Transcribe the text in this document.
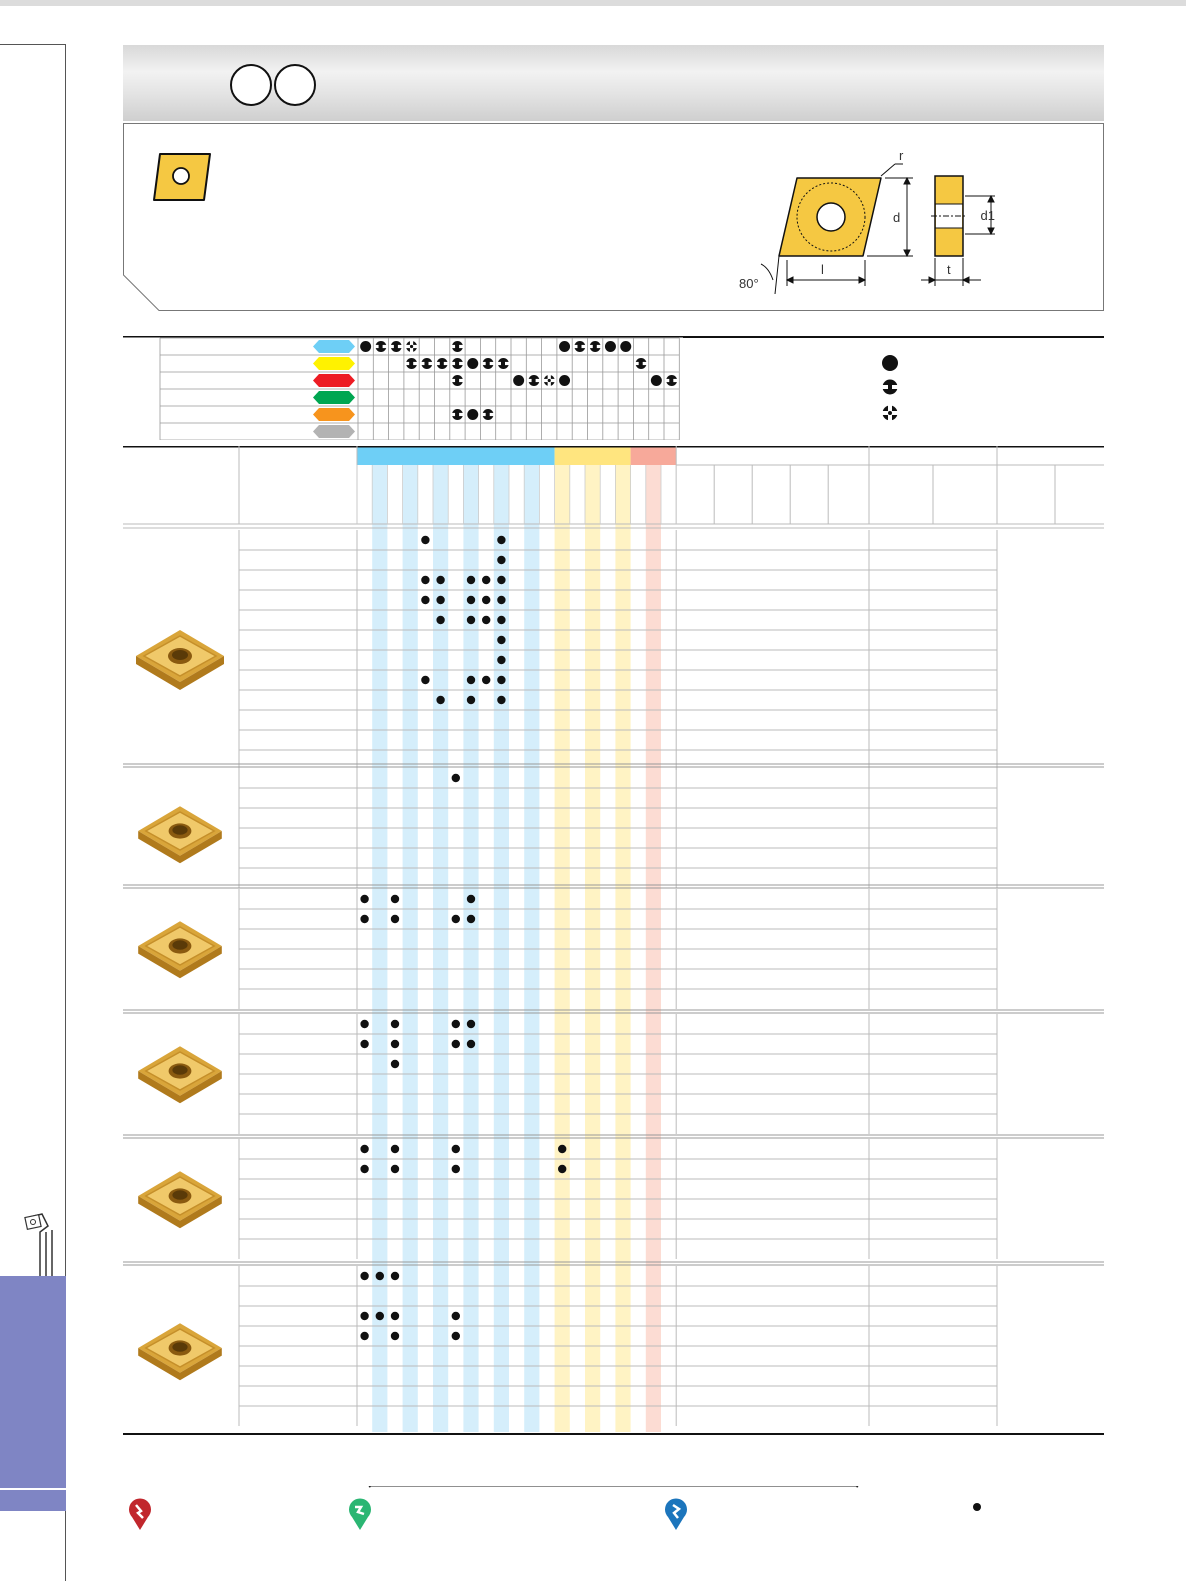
r
d	d1
l	t
80°
